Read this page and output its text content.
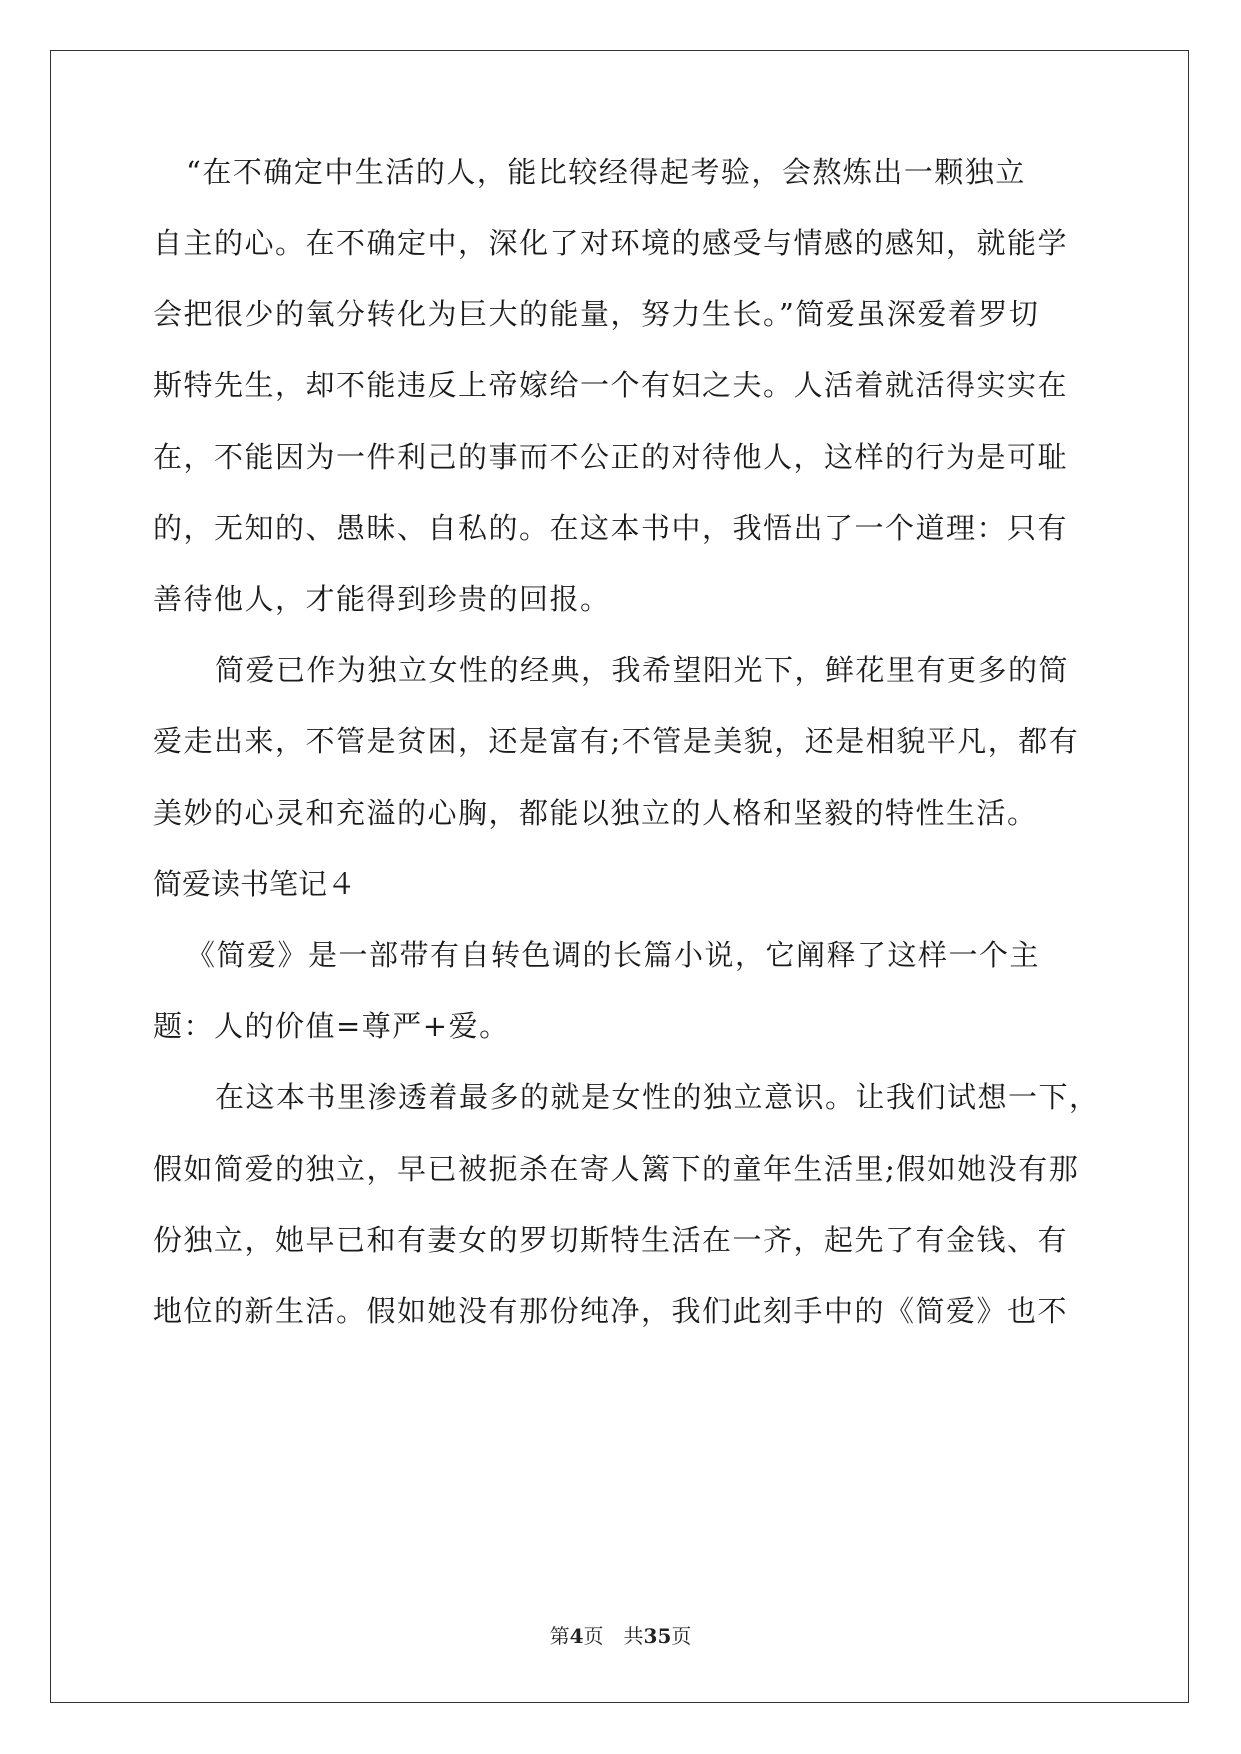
“在不确定中生活的人，能比较经得起考验，会熬炼出一颗独立
自主的心。在不确定中，深化了对环境的感受与情感的感知，就能学
会把很少的氧分转化为巨大的能量，努力生长。”简爱虽深爱着罗切
斯特先生，却不能违反上帝嫁给一个有妇之夫。人活着就活得实实在
在，不能因为一件利己的事而不公正的对待他人，这样的行为是可耻
的，无知的、愚昧、自私的。在这本书中，我悟出了一个道理：只有
善待他人，才能得到珍贵的回报。
简爱已作为独立女性的经典，我希望阳光下，鲜花里有更多的简
爱走出来，不管是贫困，还是富有;不管是美貌，还是相貌平凡，都有
美妙的心灵和充溢的心胸，都能以独立的人格和坚毅的特性生活。
简爱读书笔记４
《简爱》是一部带有自转色调的长篇小说，它阐释了这样一个主
题：人的价值=尊严+爱。
在这本书里渗透着最多的就是女性的独立意识。让我们试想一下，
假如简爱的独立，早已被扼杀在寄人篱下的童年生活里;假如她没有那
份独立，她早已和有妻女的罗切斯特生活在一齐，起先了有金钱、有
地位的新生活。假如她没有那份纯净，我们此刻手中的《简爱》也不
第4页　共35页
